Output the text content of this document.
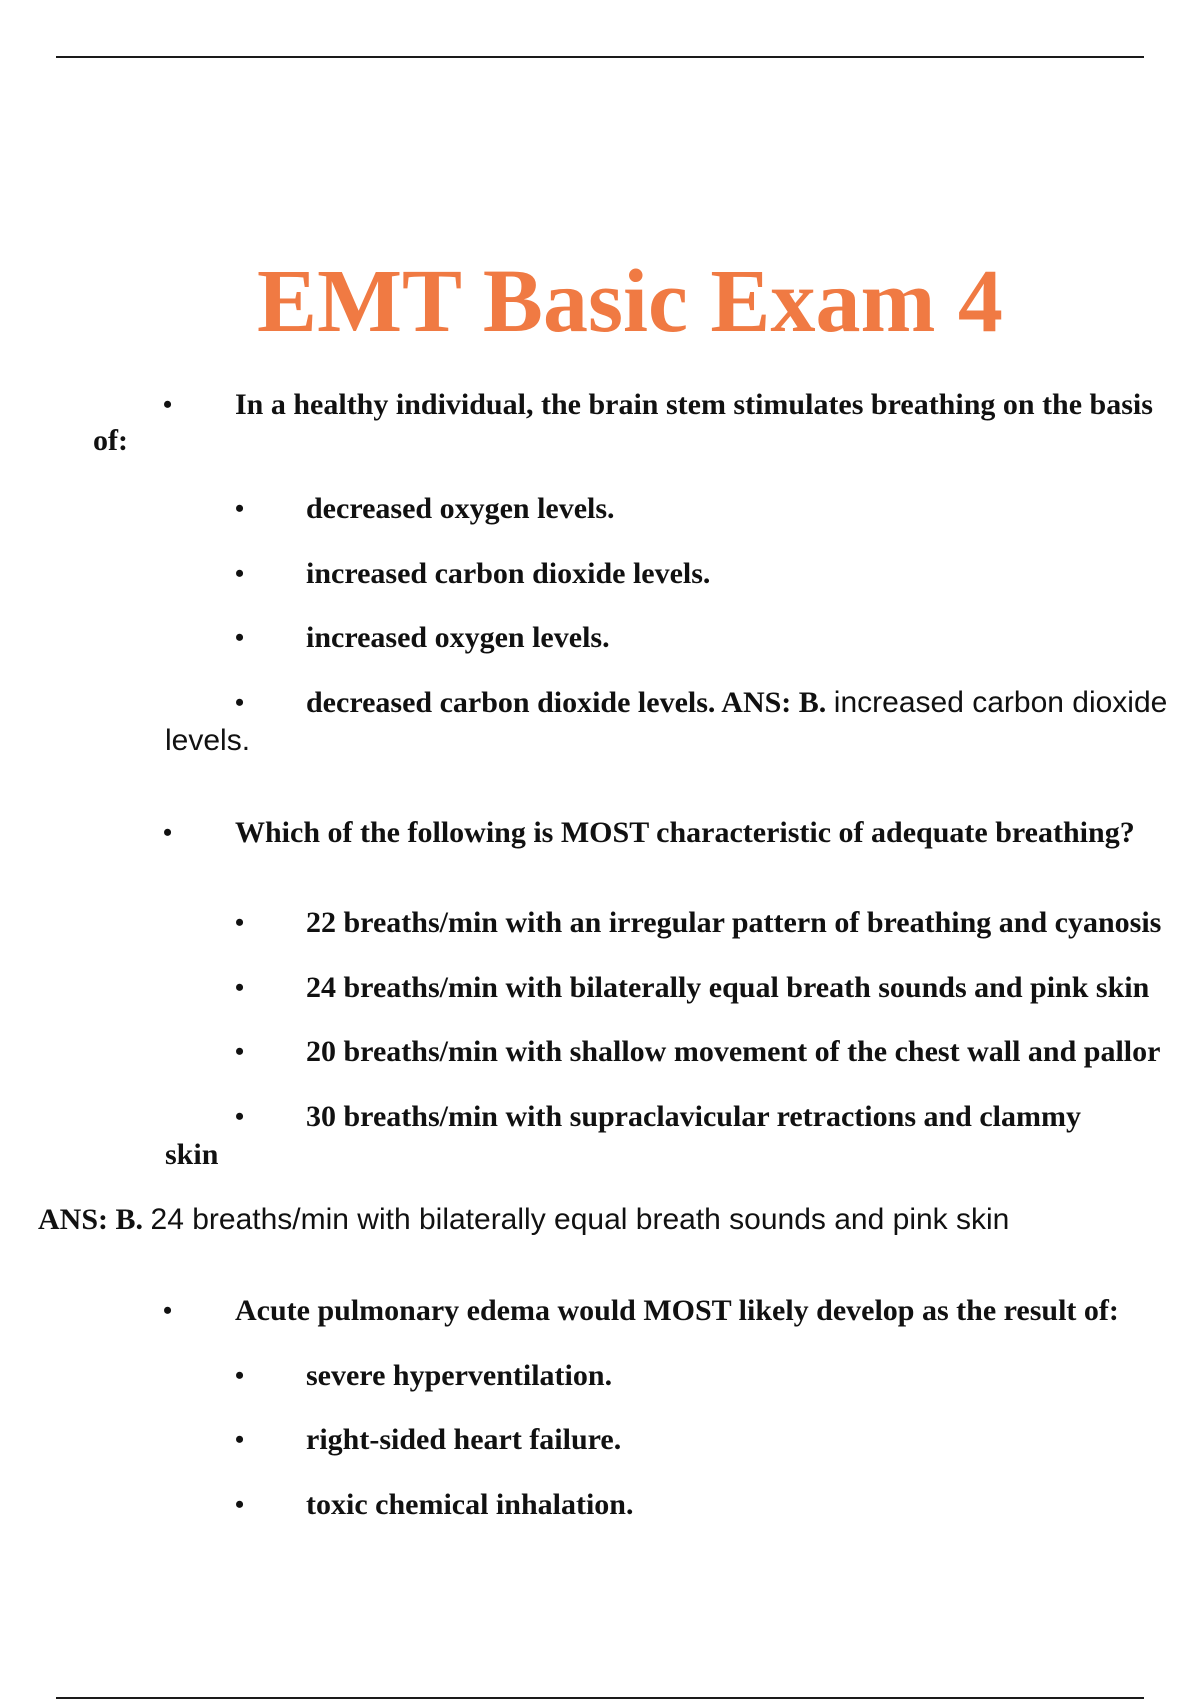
EMT Basic Exam 4
• In a healthy individual, the brain stem stimulates breathing on the basis
of:
• decreased oxygen levels.
• increased carbon dioxide levels.
• increased oxygen levels.
• decreased carbon dioxide levels. ANS: B. increased carbon dioxide
levels.
• Which of the following is MOST characteristic of adequate breathing?
• 22 breaths/min with an irregular pattern of breathing and cyanosis
• 24 breaths/min with bilaterally equal breath sounds and pink skin
• 20 breaths/min with shallow movement of the chest wall and pallor
• 30 breaths/min with supraclavicular retractions and clammy
skin
ANS: B. 24 breaths/min with bilaterally equal breath sounds and pink skin
• Acute pulmonary edema would MOST likely develop as the result of:
• severe hyperventilation.
• right-sided heart failure.
• toxic chemical inhalation.
